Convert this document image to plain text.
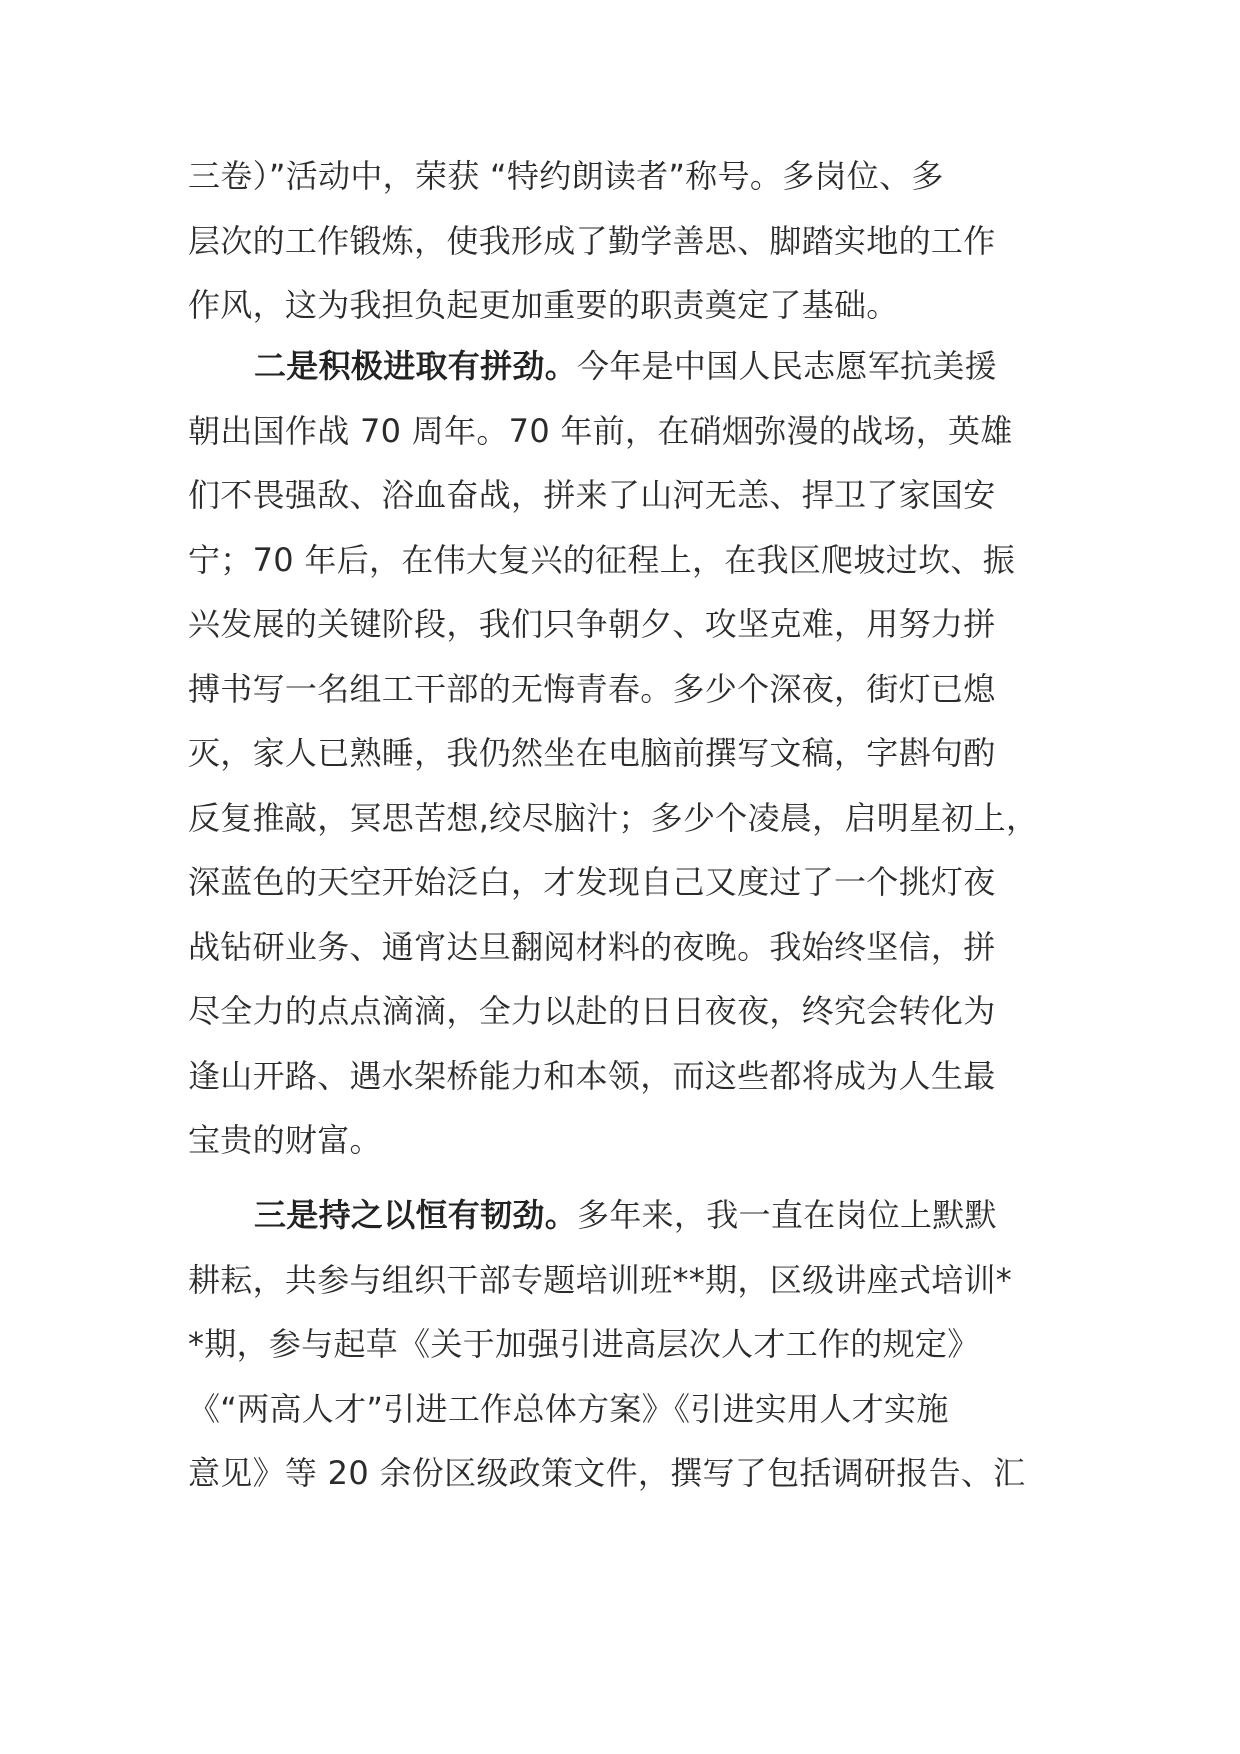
三卷）”活动中，荣获 “特约朗读者”称号。多岗位、多
层次的工作锻炼，使我形成了勤学善思、脚踏实地的工作
作风，这为我担负起更加重要的职责奠定了基础。
二是积极进取有拼劲。今年是中国人民志愿军抗美援
朝出国作战 70 周年。70 年前，在硝烟弥漫的战场，英雄
们不畏强敌、浴血奋战，拼来了山河无恙、捍卫了家国安
宁；70 年后，在伟大复兴的征程上，在我区爬坡过坎、振
兴发展的关键阶段，我们只争朝夕、攻坚克难，用努力拼
搏书写一名组工干部的无悔青春。多少个深夜，街灯已熄
灭，家人已熟睡，我仍然坐在电脑前撰写文稿，字斟句酌
反复推敲，冥思苦想,绞尽脑汁；多少个凌晨，启明星初上，
深蓝色的天空开始泛白，才发现自己又度过了一个挑灯夜
战钻研业务、通宵达旦翻阅材料的夜晚。我始终坚信，拼
尽全力的点点滴滴，全力以赴的日日夜夜，终究会转化为
逢山开路、遇水架桥能力和本领，而这些都将成为人生最
宝贵的财富。
三是持之以恒有韧劲。多年来，我一直在岗位上默默
耕耘，共参与组织干部专题培训班**期，区级讲座式培训*
*期，参与起草《关于加强引进高层次人才工作的规定》
《“两高人才”引进工作总体方案》《引进实用人才实施
意见》等 20 余份区级政策文件，撰写了包括调研报告、汇
